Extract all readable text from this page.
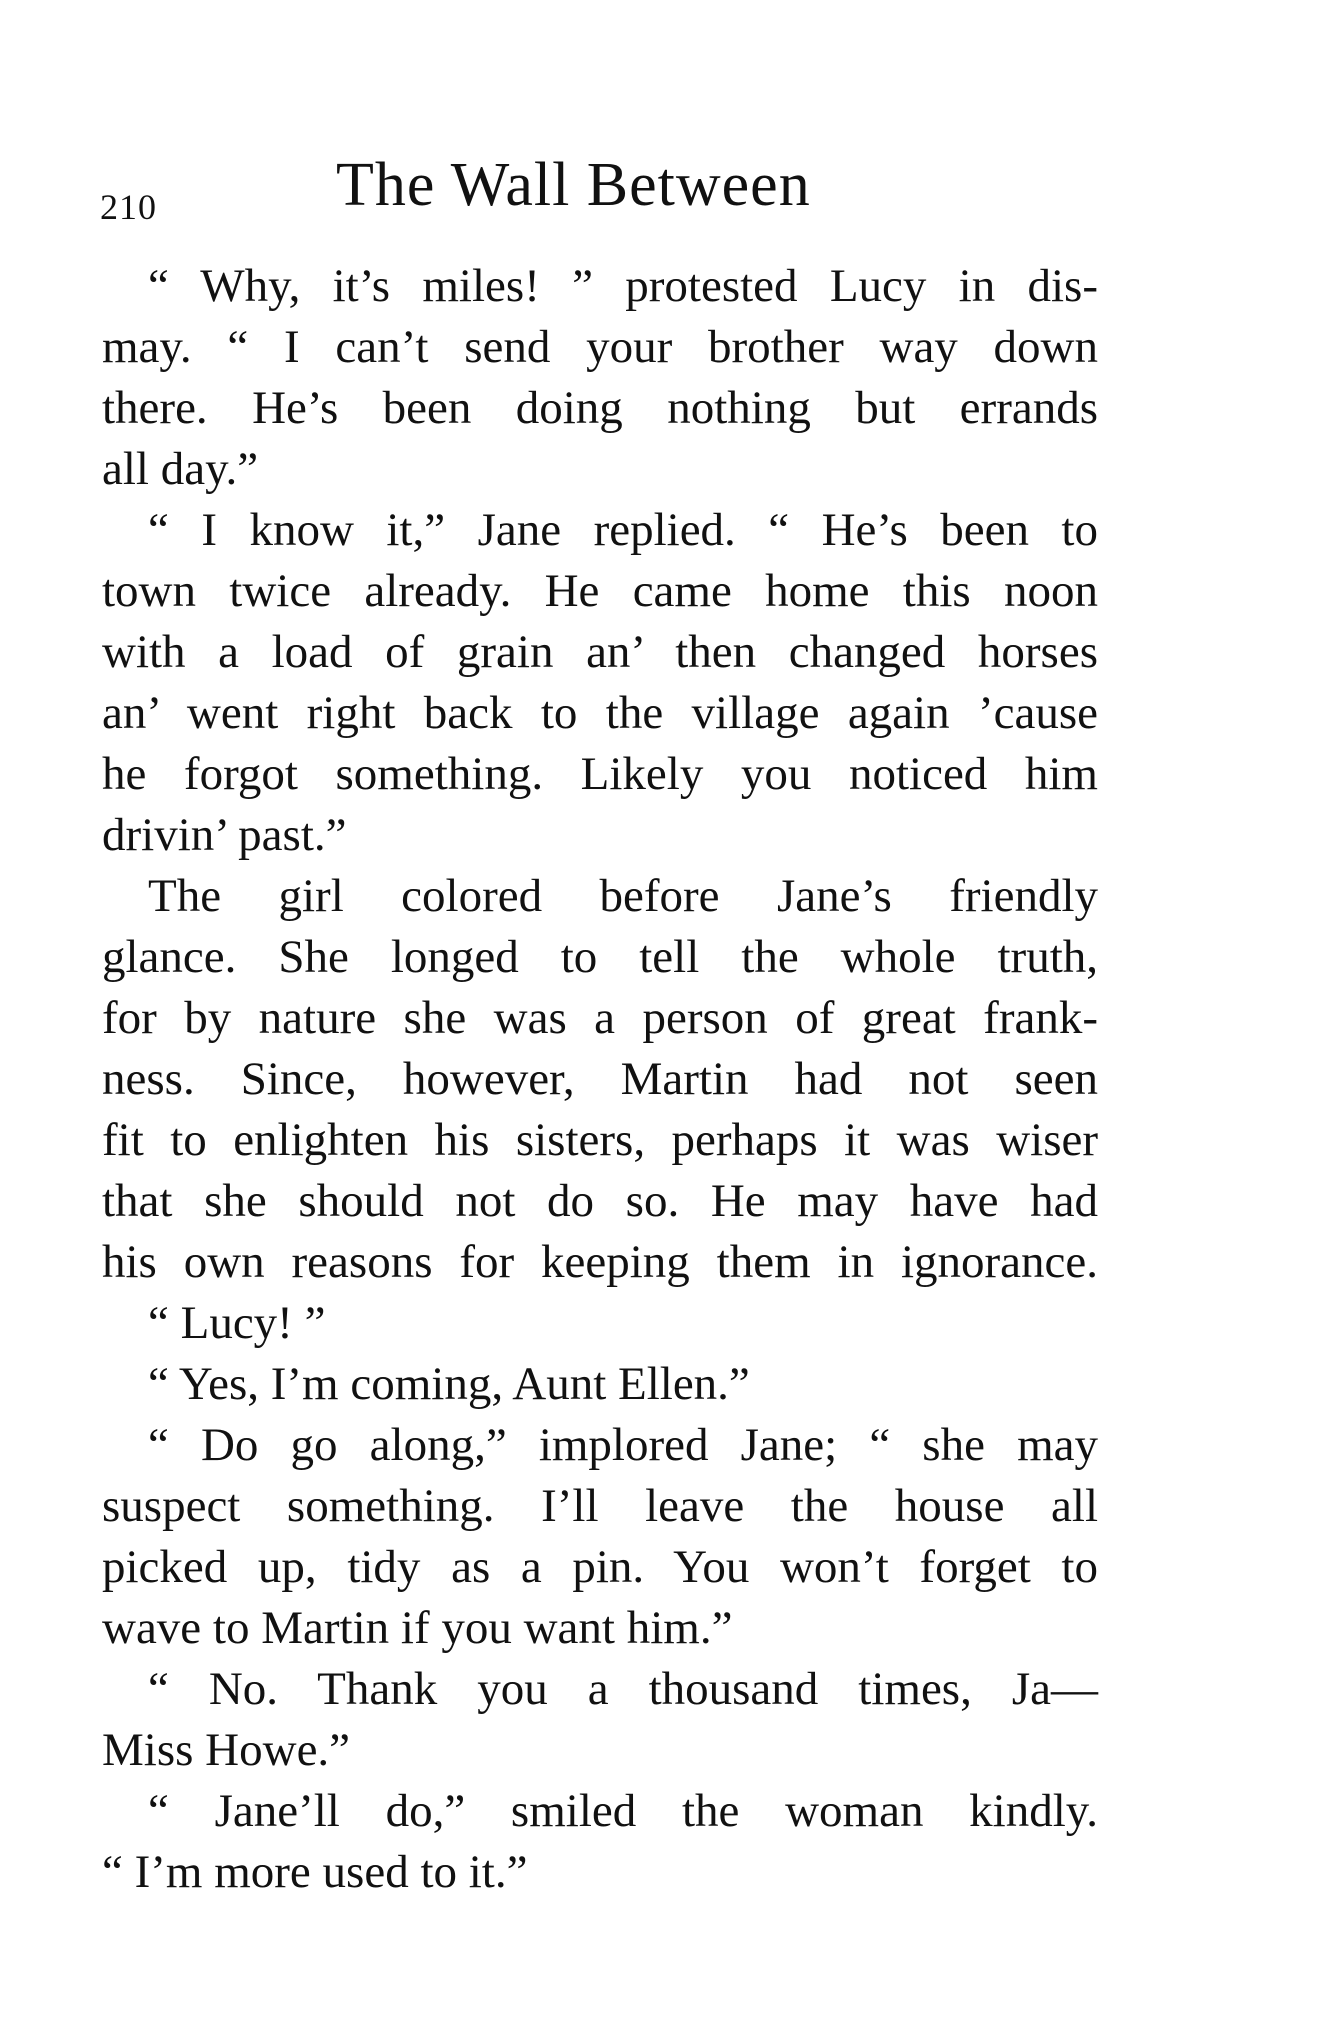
210	The Wall Between
“ Why, it’s miles! ” protested Lucy in dis-
may. “ I can’t send your brother way down
there. He’s been doing nothing but errands
all day.”
“ I know it,” Jane replied. “ He’s been to
town twice already. He came home this noon
with a load of grain an’ then changed horses
an’ went right back to the village again ’cause
he forgot something. Likely you noticed him
drivin’ past.”
The girl colored before Jane’s friendly
glance. She longed to tell the whole truth,
for by nature she was a person of great frank-
ness. Since, however, Martin had not seen
fit to enlighten his sisters, perhaps it was wiser
that she should not do so. He may have had
his own reasons for keeping them in ignorance.
“ Lucy! ”
“ Yes, I’m coming, Aunt Ellen.”
“ Do go along,” implored Jane; “ she may
suspect something. I’ll leave the house all
picked up, tidy as a pin. You won’t forget to
wave to Martin if you want him.”
“ No. Thank you a thousand times, Ja—
Miss Howe.”
“ Jane’ll do,” smiled the woman kindly.
“ I’m more used to it.”
